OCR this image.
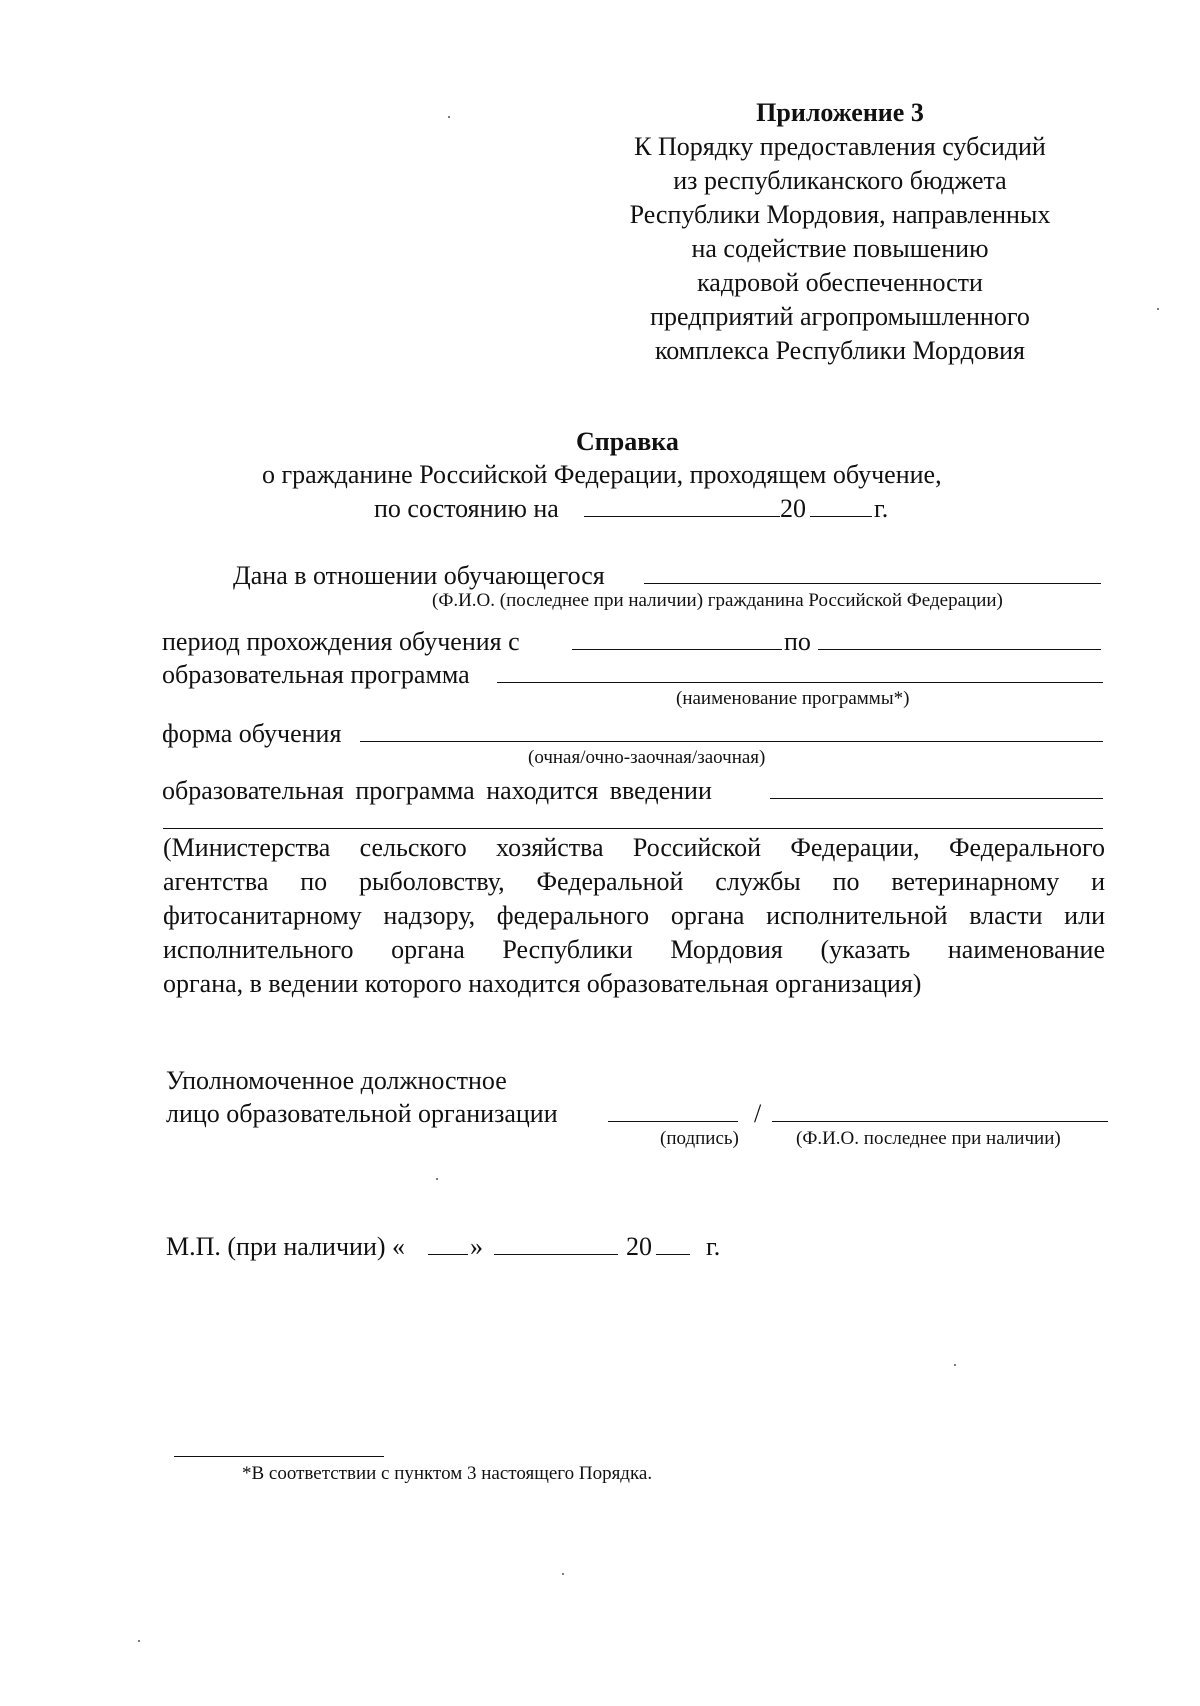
Приложение 3
К Порядку предоставления субсидий
из республиканского бюджета
Республики Мордовия, направленных
на содействие повышению
кадровой обеспеченности
предприятий агропромышленного
комплекса Республики Мордовия
Справка
о гражданине Российской Федерации, проходящем обучение,
по состоянию на	20	г.
Дана в отношении обучающегося
(Ф.И.О. (последнее при наличии) гражданина Российской Федерации)
период прохождения обучения с	по
образовательная программа
(наименование программы*)
форма обучения
(очная/очно-заочная/заочная)
образовательная программа находится введении
(Министерства сельского хозяйства Российской Федерации, Федерального
агентства по рыболовству, Федеральной службы по ветеринарному и
фитосанитарному надзору, федерального органа исполнительной власти или
исполнительного органа Республики Мордовия (указать наименование
органа, в ведении которого находится образовательная организация)
Уполномоченное должностное
лицо образовательной организации	/
(подпись)	(Ф.И.О. последнее при наличии)
М.П. (при наличии) « »	20 г.
*В соответствии с пунктом 3 настоящего Порядка.
